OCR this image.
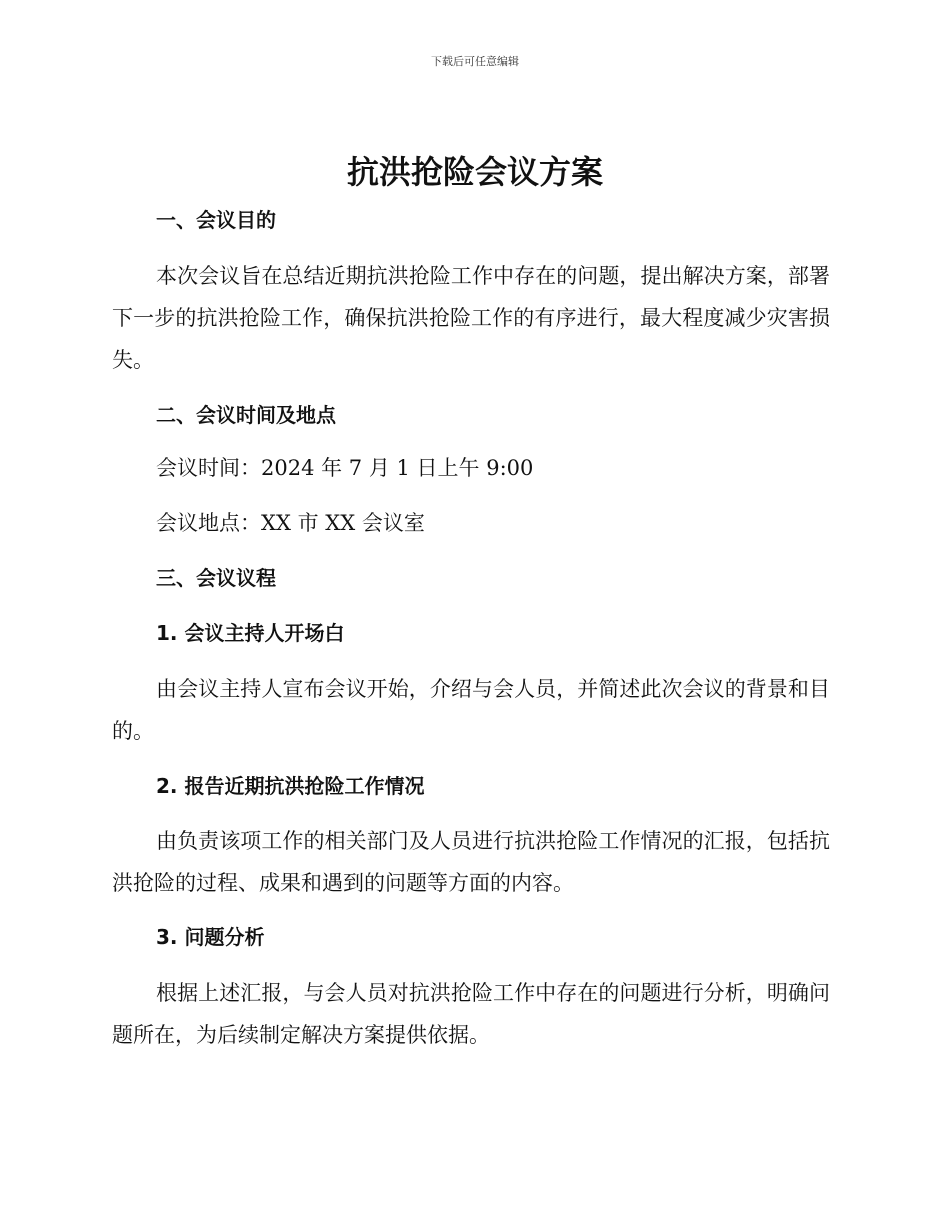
下载后可任意编辑
抗洪抢险会议方案
一、会议目的
本次会议旨在总结近期抗洪抢险工作中存在的问题，提出解决方案，部署下一步的抗洪抢险工作，确保抗洪抢险工作的有序进行，最大程度减少灾害损失。
二、会议时间及地点
会议时间：2024 年 7 月 1 日上午 9:00
会议地点：XX 市 XX 会议室
三、会议议程
1. 会议主持人开场白
由会议主持人宣布会议开始，介绍与会人员，并简述此次会议的背景和目的。
2. 报告近期抗洪抢险工作情况
由负责该项工作的相关部门及人员进行抗洪抢险工作情况的汇报，包括抗洪抢险的过程、成果和遇到的问题等方面的内容。
3. 问题分析
根据上述汇报，与会人员对抗洪抢险工作中存在的问题进行分析，明确问题所在，为后续制定解决方案提供依据。
